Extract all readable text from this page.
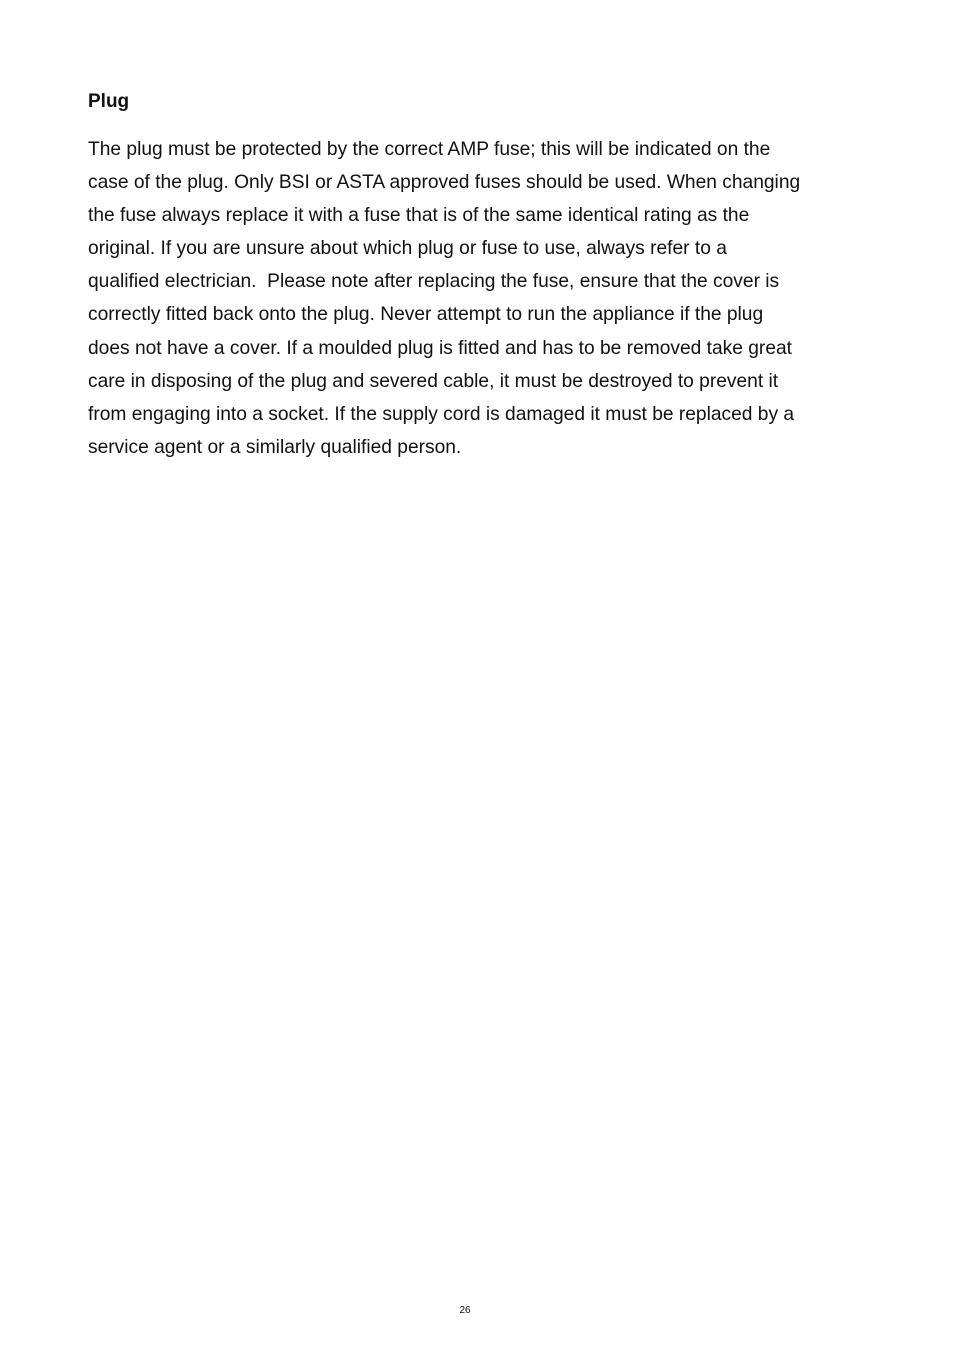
Plug

The plug must be protected by the correct AMP fuse; this will be indicated on the
case of the plug. Only BSI or ASTA approved fuses should be used. When changing
the fuse always replace it with a fuse that is of the same identical rating as the
original. If you are unsure about which plug or fuse to use, always refer to a
qualified electrician.  Please note after replacing the fuse, ensure that the cover is
correctly fitted back onto the plug. Never attempt to run the appliance if the plug
does not have a cover. If a moulded plug is fitted and has to be removed take great
care in disposing of the plug and severed cable, it must be destroyed to prevent it
from engaging into a socket. If the supply cord is damaged it must be replaced by a
service agent or a similarly qualified person.

26
